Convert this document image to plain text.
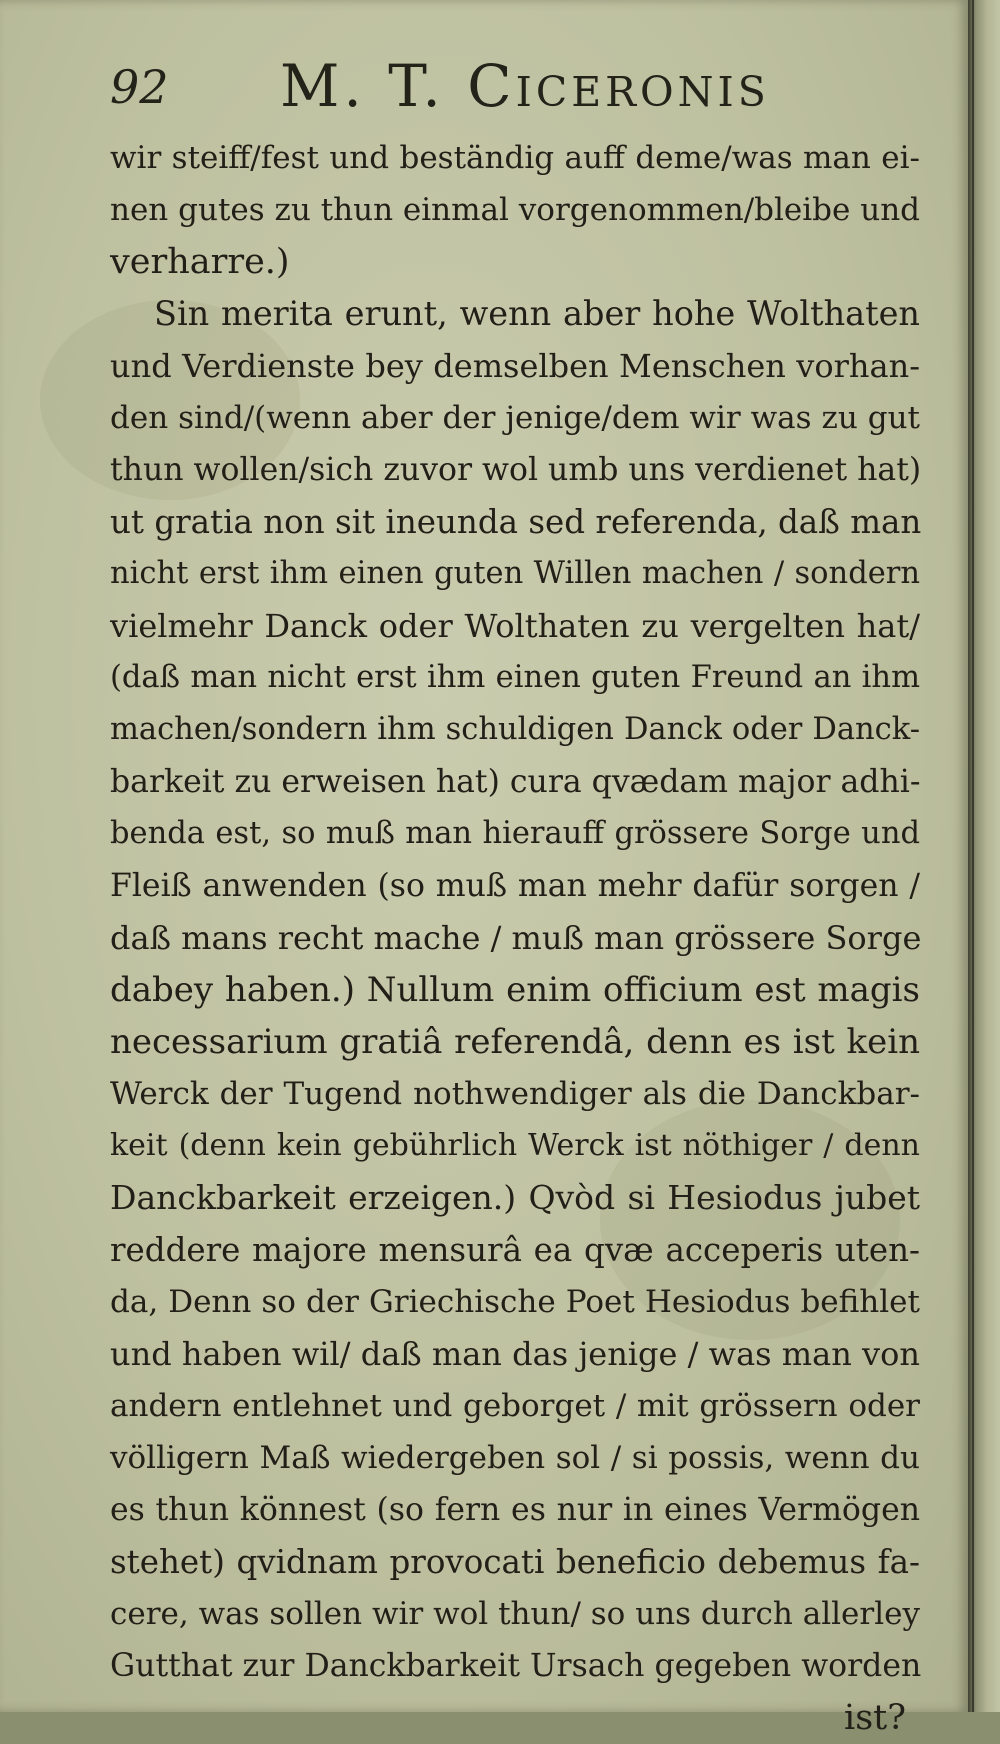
92 M. T. Ciceronis
wir steiff/fest und beständig auff deme/was man ei-
nen gutes zu thun einmal vorgenommen/bleibe und
verharre.)
Sin merita erunt, wenn aber hohe Wolthaten
und Verdienste bey demselben Menschen vorhan-
den sind/(wenn aber der jenige/dem wir was zu gut
thun wollen/sich zuvor wol umb uns verdienet hat)
ut gratia non sit ineunda sed referenda, daß man
nicht erst ihm einen guten Willen machen / sondern
vielmehr Danck oder Wolthaten zu vergelten hat/
(daß man nicht erst ihm einen guten Freund an ihm
machen/sondern ihm schuldigen Danck oder Danck-
barkeit zu erweisen hat) cura qvædam major adhi-
benda est, so muß man hierauff grössere Sorge und
Fleiß anwenden (so muß man mehr dafür sorgen /
daß mans recht mache / muß man grössere Sorge
dabey haben.) Nullum enim officium est magis
necessarium gratiâ referendâ, denn es ist kein
Werck der Tugend nothwendiger als die Danckbar-
keit (denn kein gebührlich Werck ist nöthiger / denn
Danckbarkeit erzeigen.) Qvòd si Hesiodus jubet
reddere majore mensurâ ea qvæ acceperis uten-
da, Denn so der Griechische Poet Hesiodus befihlet
und haben wil/ daß man das jenige / was man von
andern entlehnet und geborget / mit grössern oder
völligern Maß wiedergeben sol / si possis, wenn du
es thun könnest (so fern es nur in eines Vermögen
stehet) qvidnam provocati beneficio debemus fa-
cere, was sollen wir wol thun/ so uns durch allerley
Gutthat zur Danckbarkeit Ursach gegeben worden
ist?
